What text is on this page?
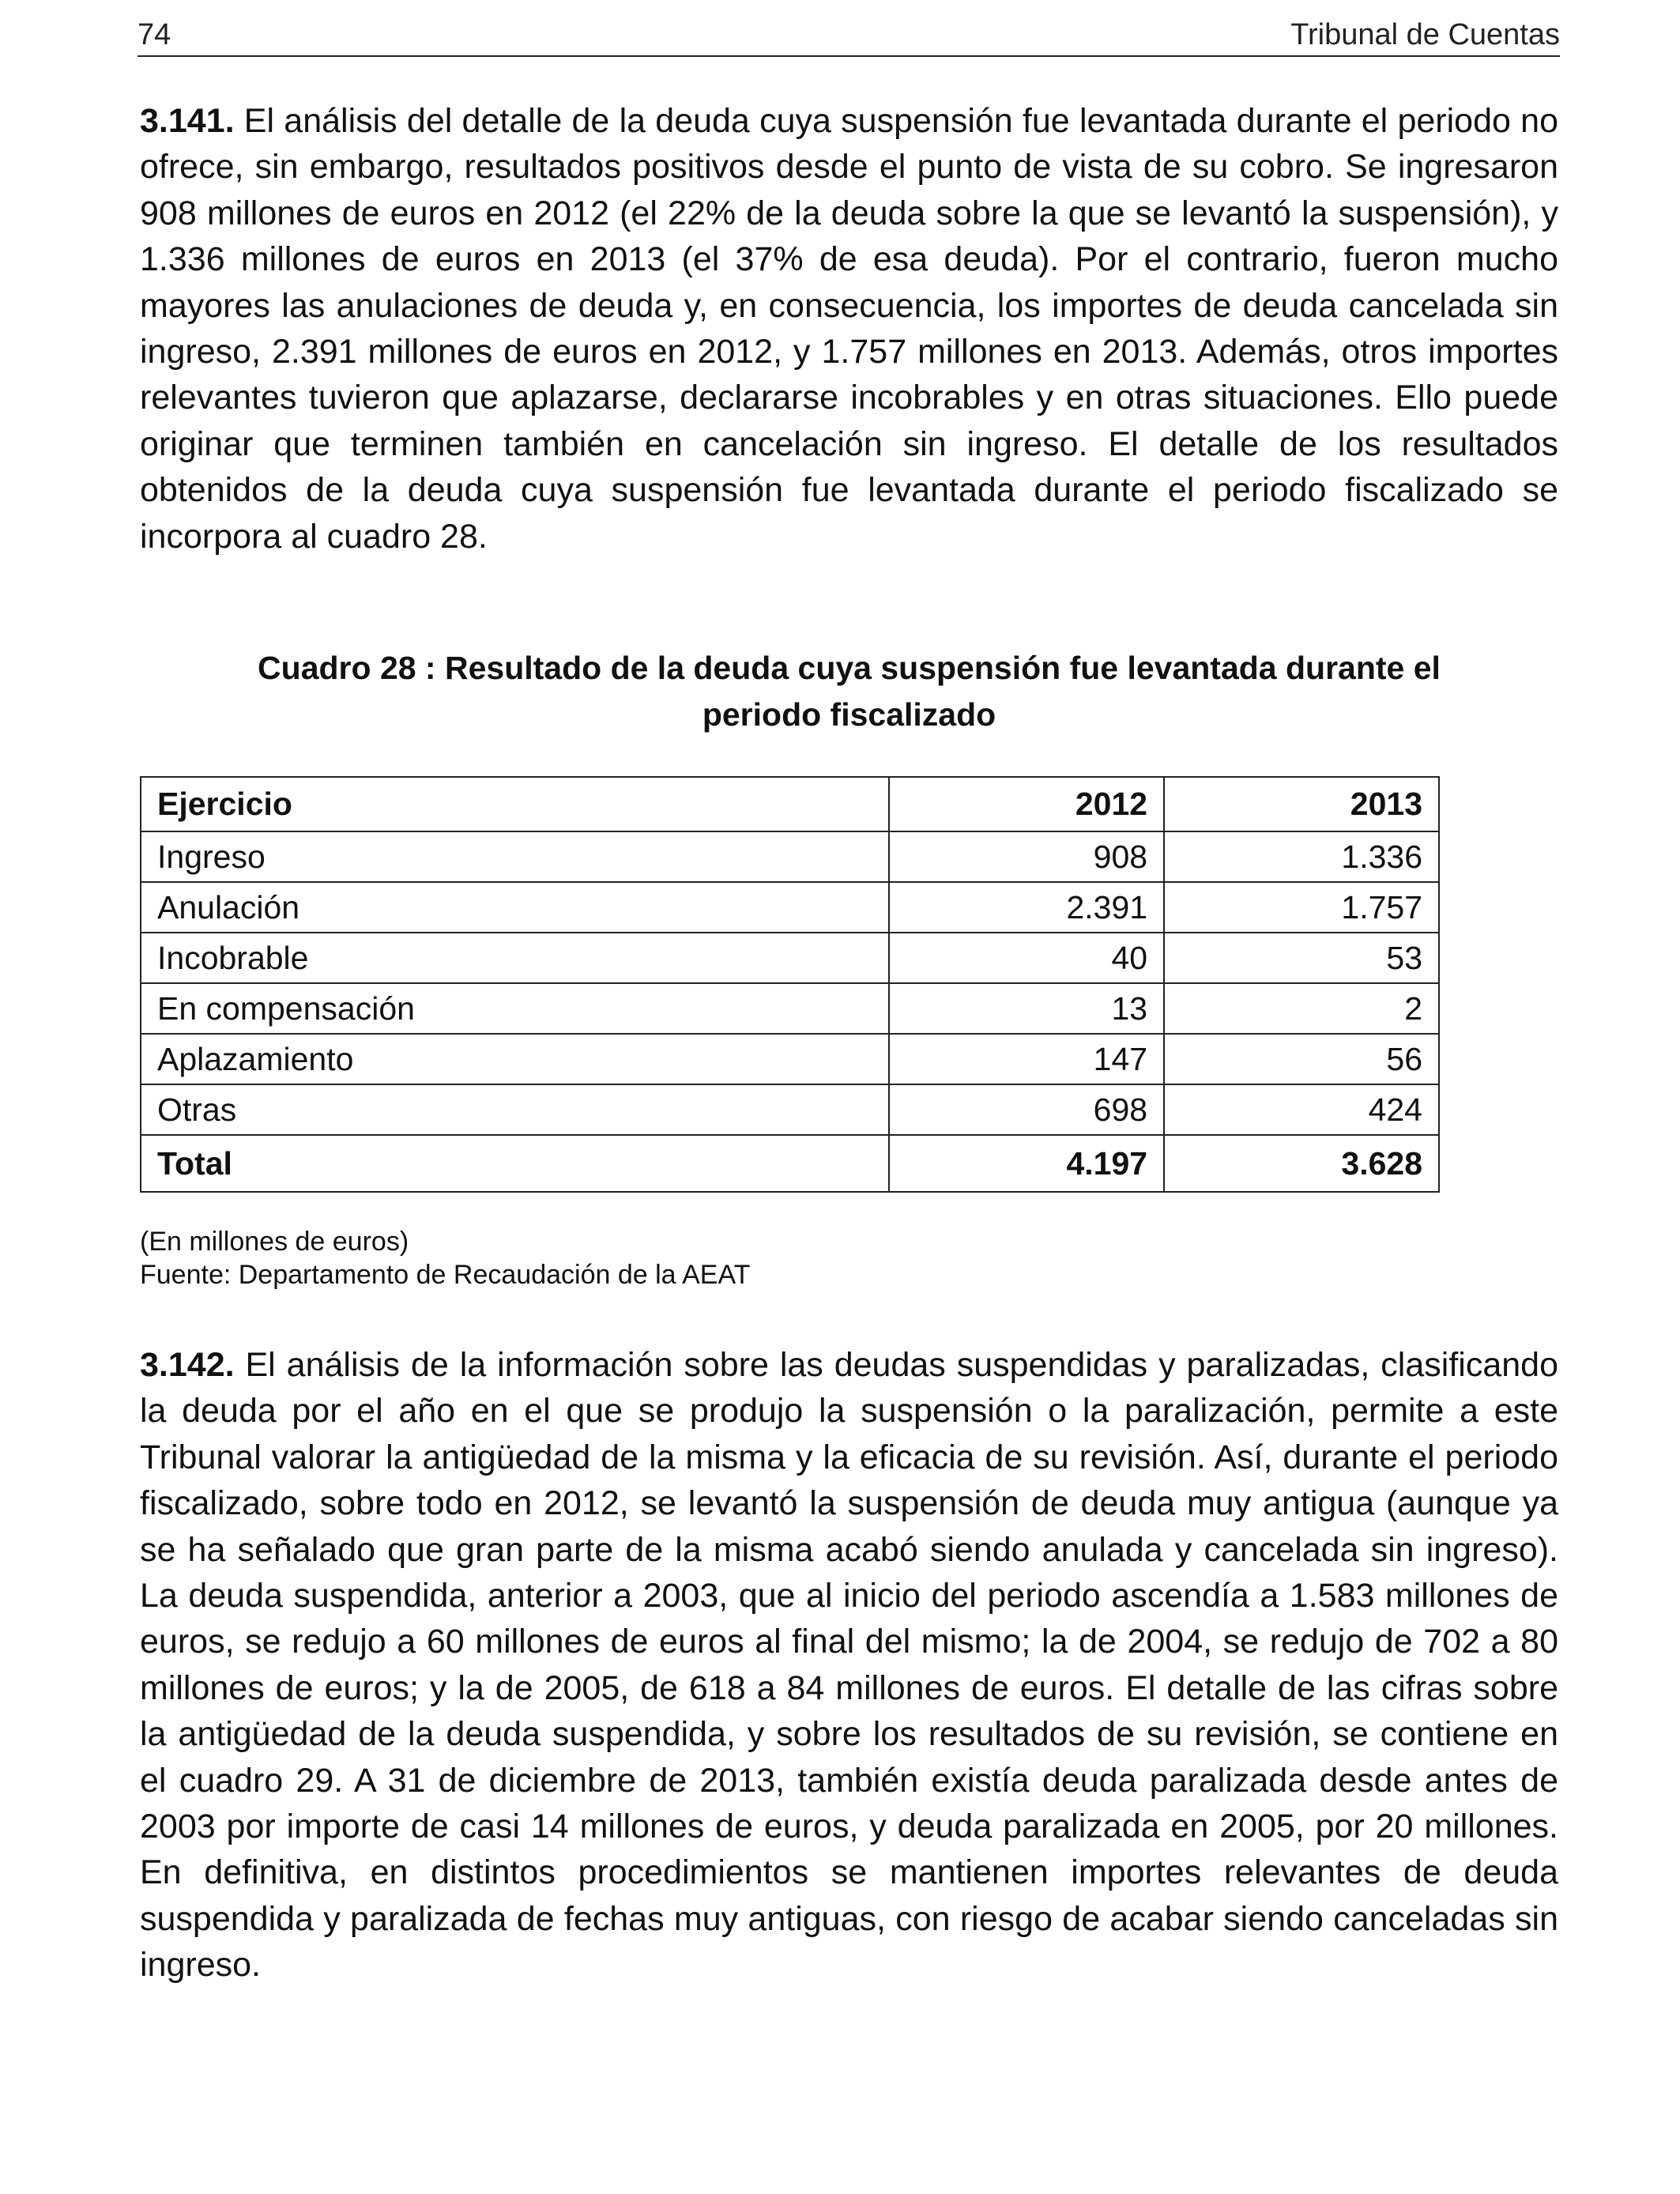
74	Tribunal de Cuentas

3.141. El análisis del detalle de la deuda cuya suspensión fue levantada durante el periodo no ofrece, sin embargo, resultados positivos desde el punto de vista de su cobro. Se ingresaron 908 millones de euros en 2012 (el 22% de la deuda sobre la que se levantó la suspensión), y 1.336 millones de euros en 2013 (el 37% de esa deuda). Por el contrario, fueron mucho mayores las anulaciones de deuda y, en consecuencia, los importes de deuda cancelada sin ingreso, 2.391 millones de euros en 2012, y 1.757 millones en 2013. Además, otros importes relevantes tuvieron que aplazarse, declararse incobrables y en otras situaciones. Ello puede originar que terminen también en cancelación sin ingreso. El detalle de los resultados obtenidos de la deuda cuya suspensión fue levantada durante el periodo fiscalizado se incorpora al cuadro 28.

Cuadro 28 : Resultado de la deuda cuya suspensión fue levantada durante el
periodo fiscalizado
Ejercicio	2012	2013
Ingreso	908	1.336
Anulación	2.391	1.757
Incobrable	40	53
En compensación	13	2
Aplazamiento	147	56
Otras	698	424
Total	4.197	3.628
(En millones de euros)
Fuente: Departamento de Recaudación de la AEAT

3.142. El análisis de la información sobre las deudas suspendidas y paralizadas, clasificando la deuda por el año en el que se produjo la suspensión o la paralización, permite a este Tribunal valorar la antigüedad de la misma y la eficacia de su revisión. Así, durante el periodo fiscalizado, sobre todo en 2012, se levantó la suspensión de deuda muy antigua (aunque ya se ha señalado que gran parte de la misma acabó siendo anulada y cancelada sin ingreso). La deuda suspendida, anterior a 2003, que al inicio del periodo ascendía a 1.583 millones de euros, se redujo a 60 millones de euros al final del mismo; la de 2004, se redujo de 702 a 80 millones de euros; y la de 2005, de 618 a 84 millones de euros. El detalle de las cifras sobre la antigüedad de la deuda suspendida, y sobre los resultados de su revisión, se contiene en el cuadro 29. A 31 de diciembre de 2013, también existía deuda paralizada desde antes de 2003 por importe de casi 14 millones de euros, y deuda paralizada en 2005, por 20 millones. En definitiva, en distintos procedimientos se mantienen importes relevantes de deuda suspendida y paralizada de fechas muy antiguas, con riesgo de acabar siendo canceladas sin ingreso.
